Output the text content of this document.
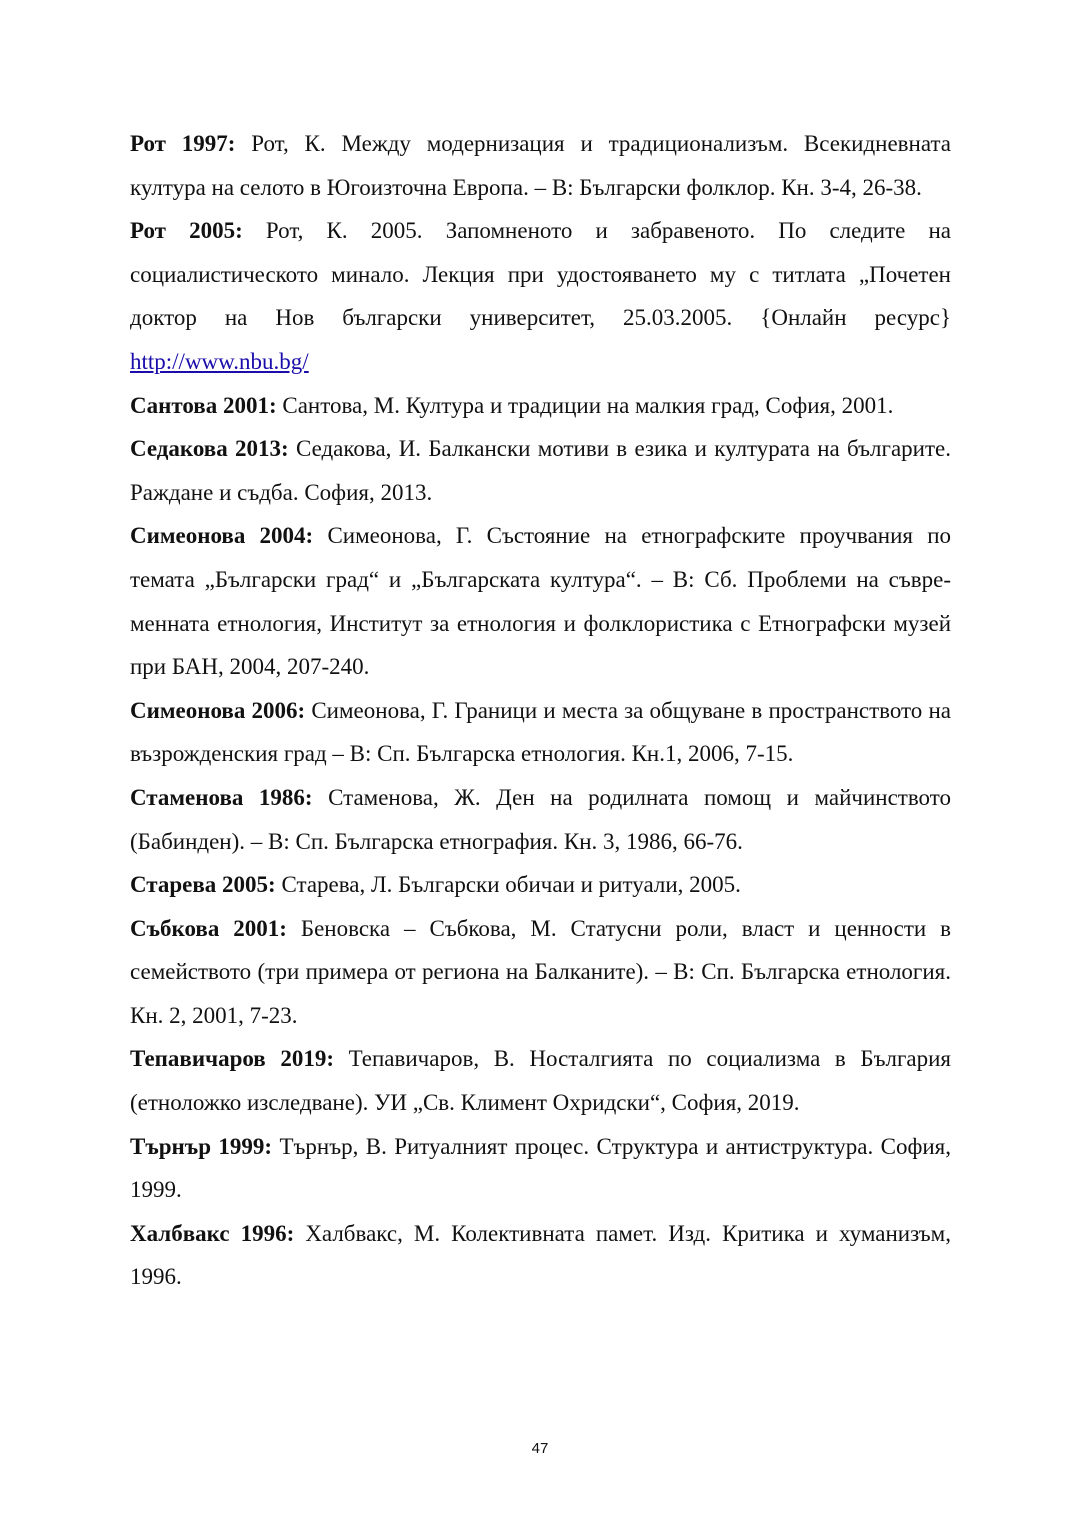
Рот 1997: Рот, К. Между модернизация и традиционализъм. Всекидневната култура на селото в Югоизточна Европа. – В: Български фолклор. Кн. 3-4, 26-38.

Рот 2005: Рот, К. 2005. Запомненото и забравеното. По следите на социалистическото минало. Лекция при удостояването му с титлата „Почетен доктор на Нов български университет, 25.03.2005. {Онлайн ресурс} http://www.nbu.bg/

Сантова 2001: Сантова, М. Култура и традиции на малкия град, София, 2001.

Седакова 2013: Седакова, И. Балкански мотиви в езика и културата на българите. Раждане и съдба. София, 2013.

Симеонова 2004: Симеонова, Г. Състояние на етнографските проучвания по темата „Български град“ и „Българската култура“. – В: Сб. Проблеми на съвременната етнология, Институт за етнология и фолклористика с Етнографски музей при БАН, 2004, 207-240.

Симеонова 2006: Симеонова, Г. Граници и места за общуване в пространството на възрожденския град – В: Сп. Българска етнология. Кн.1, 2006, 7-15.

Стаменова 1986: Стаменова, Ж. Ден на родилната помощ и майчинството (Бабинден). – В: Сп. Българска етнография. Кн. 3, 1986, 66-76.

Старева 2005: Старева, Л. Български обичаи и ритуали, 2005.

Събкова 2001: Беновска – Събкова, М. Статусни роли, власт и ценности в семейството (три примера от региона на Балканите). – В: Сп. Българска етнология. Кн. 2, 2001, 7-23.

Тепавичаров 2019: Тепавичаров, В. Носталгията по социализма в България (етноложко изследване). УИ „Св. Климент Охридски“, София, 2019.

Търнър 1999: Търнър, В. Ритуалният процес. Структура и антиструктура. София, 1999.

Халбвакс 1996: Халбвакс, М. Колективната памет. Изд. Критика и хуманизъм, 1996.

47
